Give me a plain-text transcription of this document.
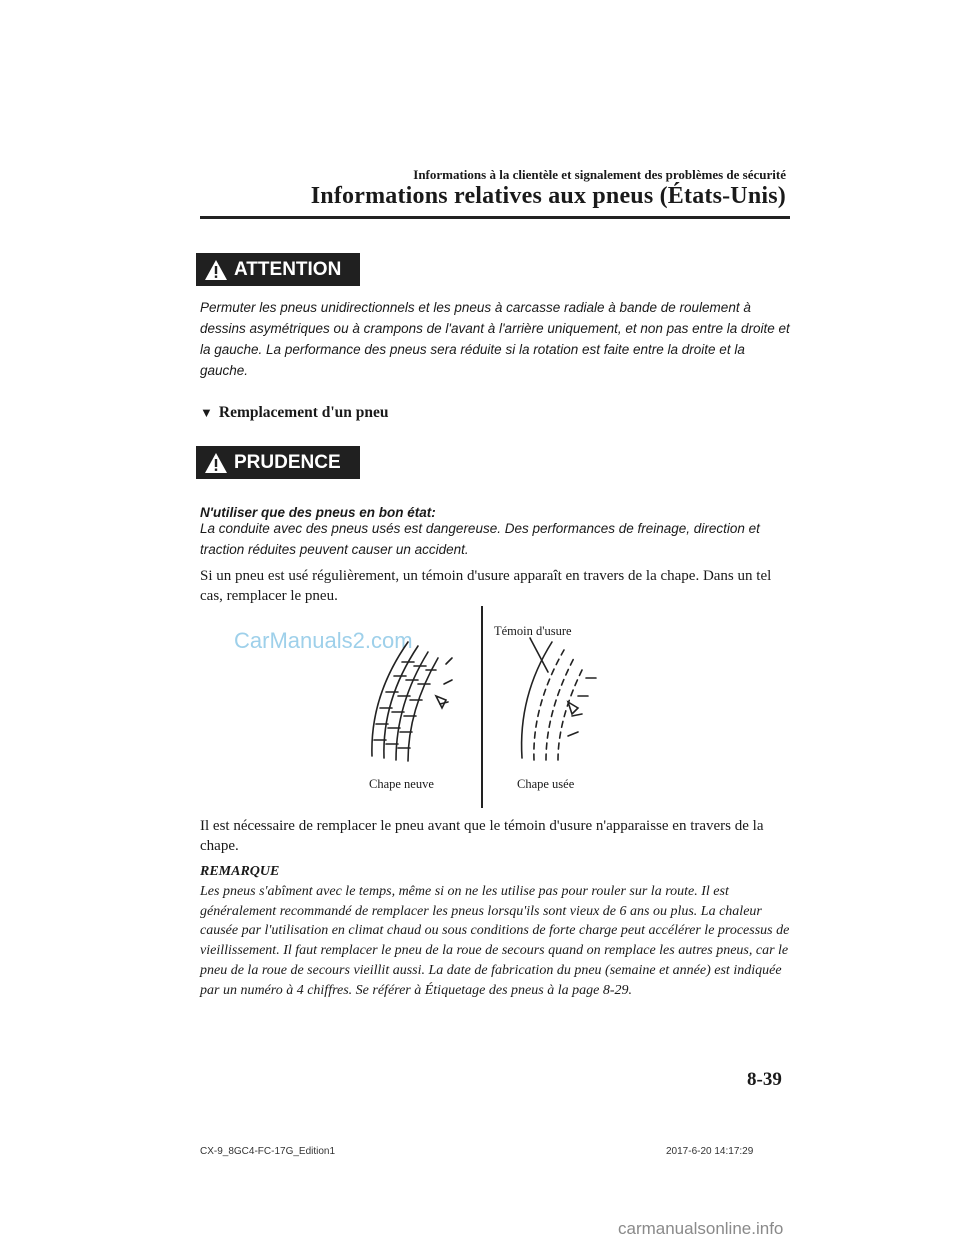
Informations à la clientèle et signalement des problèmes de sécurité
Informations relatives aux pneus (États-Unis)
ATTENTION
Permuter les pneus unidirectionnels et les pneus à carcasse radiale à bande de roulement à dessins asymétriques ou à crampons de l'avant à l'arrière uniquement, et non pas entre la droite et la gauche. La performance des pneus sera réduite si la rotation est faite entre la droite et la gauche.
▼ Remplacement d'un pneu
PRUDENCE
N'utiliser que des pneus en bon état:
La conduite avec des pneus usés est dangereuse. Des performances de freinage, direction et traction réduites peuvent causer un accident.
Si un pneu est usé régulièrement, un témoin d'usure apparaît en travers de la chape. Dans un tel cas, remplacer le pneu.
CarManuals2.com	Témoin d'usure
Chape neuve	Chape usée
Il est nécessaire de remplacer le pneu avant que le témoin d'usure n'apparaisse en travers de la chape.
REMARQUE
Les pneus s'abîment avec le temps, même si on ne les utilise pas pour rouler sur la route. Il est généralement recommandé de remplacer les pneus lorsqu'ils sont vieux de 6 ans ou plus. La chaleur causée par l'utilisation en climat chaud ou sous conditions de forte charge peut accélérer le processus de vieillissement. Il faut remplacer le pneu de la roue de secours quand on remplace les autres pneus, car le pneu de la roue de secours vieillit aussi. La date de fabrication du pneu (semaine et année) est indiquée par un numéro à 4 chiffres. Se référer à Étiquetage des pneus à la page 8-29.
8-39
CX-9_8GC4-FC-17G_Edition1	2017-6-20 14:17:29
carmanualsonline.info
